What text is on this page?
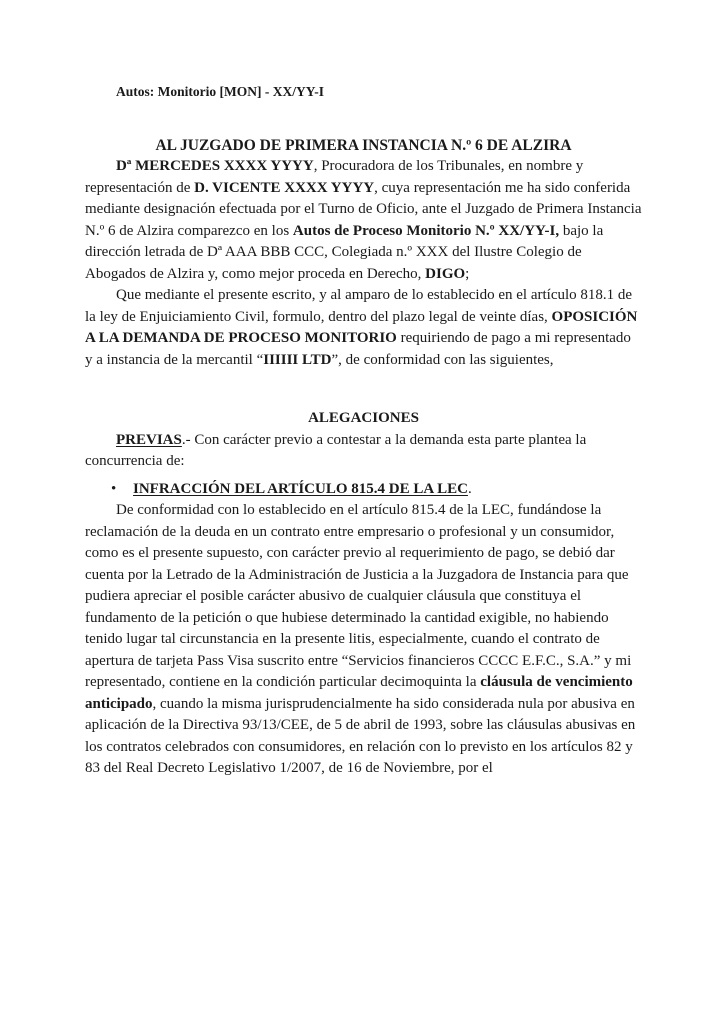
Autos: Monitorio [MON] - XX/YY-I

AL JUZGADO DE PRIMERA INSTANCIA N.º 6 DE ALZIRA

Dª MERCEDES XXXX YYYY, Procuradora de los Tribunales, en nombre y representación de D. VICENTE XXXX YYYY, cuya representación me ha sido conferida mediante designación efectuada por el Turno de Oficio, ante el Juzgado de Primera Instancia N.º 6 de Alzira comparezco en los Autos de Proceso Monitorio N.º XX/YY-I, bajo la dirección letrada de Dª AAA BBB CCC, Colegiada n.º XXX del Ilustre Colegio de Abogados de Alzira y, como mejor proceda en Derecho, DIGO;

Que mediante el presente escrito, y al amparo de lo establecido en el artículo 818.1 de la ley de Enjuiciamiento Civil, formulo, dentro del plazo legal de veinte días, OPOSICIÓN A LA DEMANDA DE PROCESO MONITORIO requiriendo de pago a mi representado y a instancia de la mercantil “IIIIII LTD”, de conformidad con las siguientes,

ALEGACIONES

PREVIAS.- Con carácter previo a contestar a la demanda esta parte plantea la concurrencia de:

• INFRACCIÓN DEL ARTÍCULO 815.4 DE LA LEC.

De conformidad con lo establecido en el artículo 815.4 de la LEC, fundándose la reclamación de la deuda en un contrato entre empresario o profesional y un consumidor, como es el presente supuesto, con carácter previo al requerimiento de pago, se debió dar cuenta por la Letrado de la Administración de Justicia a la Juzgadora de Instancia para que pudiera apreciar el posible carácter abusivo de cualquier cláusula que constituya el fundamento de la petición o que hubiese determinado la cantidad exigible, no habiendo tenido lugar tal circunstancia en la presente litis, especialmente, cuando el contrato de apertura de tarjeta Pass Visa suscrito entre “Servicios financieros CCCC E.F.C., S.A.” y mi representado, contiene en la condición particular decimoquinta la cláusula de vencimiento anticipado, cuando la misma jurisprudencialmente ha sido considerada nula por abusiva en aplicación de la Directiva 93/13/CEE, de 5 de abril de 1993, sobre las cláusulas abusivas en los contratos celebrados con consumidores, en relación con lo previsto en los artículos 82 y 83 del Real Decreto Legislativo 1/2007, de 16 de Noviembre, por el
